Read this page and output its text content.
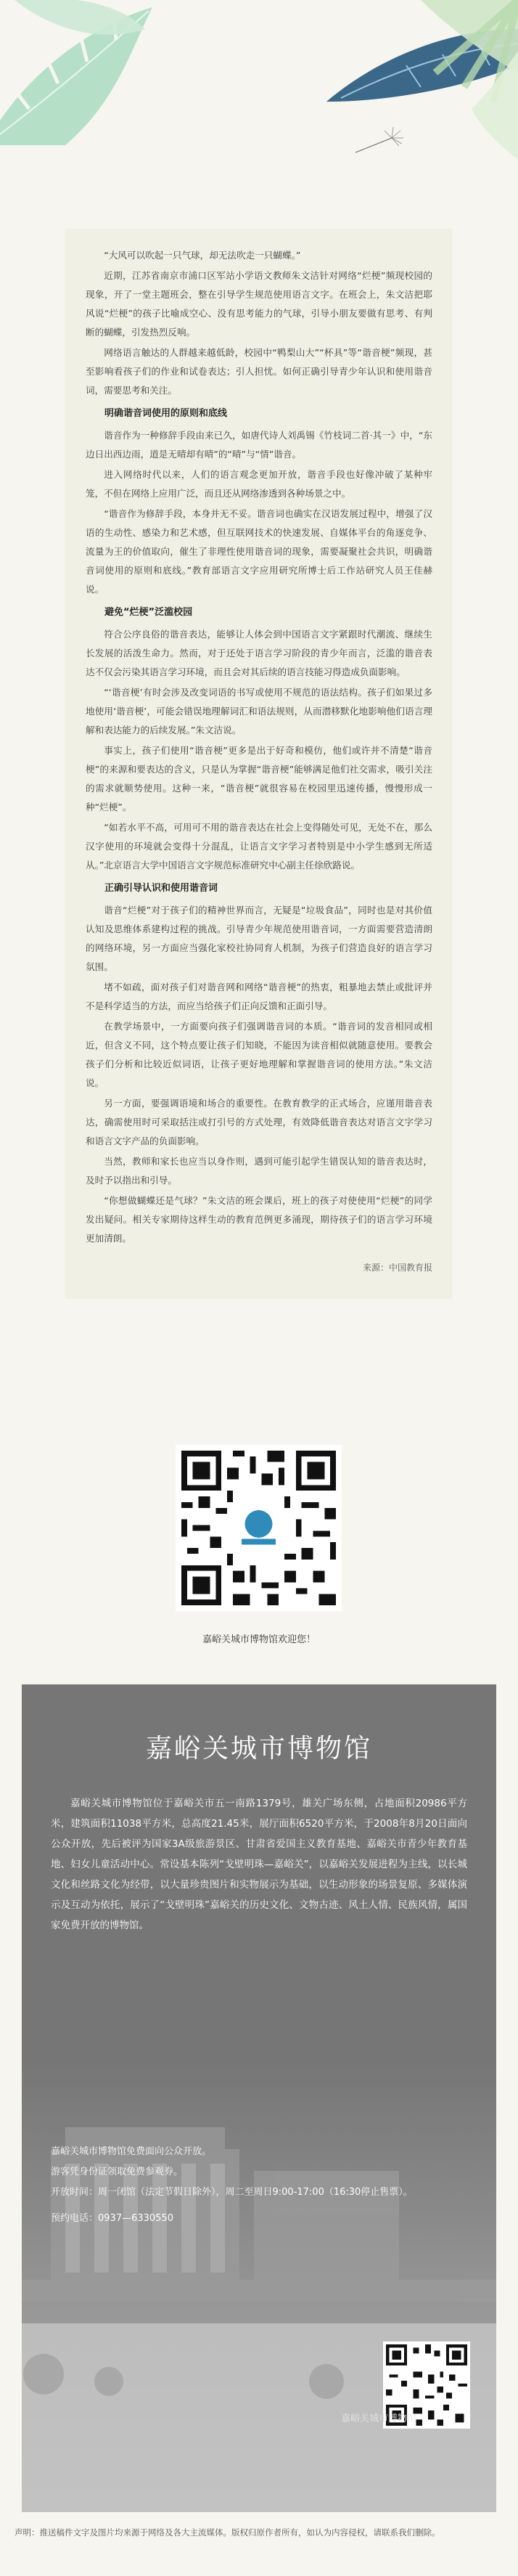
“大风可以吹起一只气球，却无法吹走一只蝴蝶。”

近期，江苏省南京市浦口区军站小学语文教师朱文洁针对网络“烂梗”频现校园的现象，开了一堂主题班会，整在引导学生规范使用语言文字。在班会上，朱文洁把耶风说“烂梗”的孩子比喻成空心、没有思考能力的气球，引导小朋友要做有思考、有判断的蝴蝶，引发热烈反响。

网络语言触达的人群越来越低龄，校园中“鸭梨山大”“杯具”等“谐音梗”频现，甚至影响看孩子们的作业和试卷表达；引人担忧。如何正确引导青少年认识和使用谐音词，需要思考和关注。

明确谐音词使用的原则和底线

谐音作为一种修辞手段由来已久，如唐代诗人刘禹锡《竹枝词二首·其一》中，“东边日出西边雨，道是无晴却有晴”的“晴”与“情”谐音。

进入网络时代以来，人们的语言观念更加开放，谐音手段也好像冲破了某种牢笼，不但在网络上应用广泛，而且还从网络渗透到各种场景之中。

“谐音作为修辞手段，本身并无不妥。谐音词也确实在汉语发展过程中，增强了汉语的生动性、感染力和艺术感，但互联网技术的快速发展、自媒体平台的角逐竞争、流量为王的价值取向，催生了非理性使用谐音词的现象，需要凝聚社会共识，明确谐音词使用的原则和底线。”教育部语言文字应用研究所博士后工作站研究人员王佳赫说。

避免“烂梗”泛滥校园

符合公序良俗的谐音表达，能够让人体会到中国语言文字紧跟时代潮流、继续生长发展的活泼生命力。然而，对于还处于语言学习阶段的青少年而言，泛滥的谐音表达不仅会污染其语言学习环境，而且会对其后续的语言技能习得造成负面影响。

“‘谐音梗’有时会涉及改变词语的书写或使用不规范的语法结构。孩子们如果过多地使用‘谐音梗’，可能会错误地理解词汇和语法规则，从而潜移默化地影响他们语言理解和表达能力的后续发展。”朱文洁说。

事实上，孩子们使用“谐音梗”更多是出于好奇和模仿，他们或许并不清楚“谐音梗”的来源和要表达的含义，只是认为掌握“谐音梗”能够满足他们社交需求，吸引关注的需求就顺势使用。这种一来，“谐音梗”就很容易在校园里迅速传播，慢慢形成一种“烂梗”。

“如若水平不高，可用可不用的谐音表达在社会上变得随处可见，无处不在，那么汉字使用的环境就会变得十分混乱，让语言文字学习者特别是中小学生感到无所适从。”北京语言大学中国语言文字规范标准研究中心副主任徐欣路说。

正确引导认识和使用谐音词

谐音“烂梗”对于孩子们的精神世界而言，无疑是“垃圾食品”，同时也是对其价值认知及思维体系建构过程的挑战。引导青少年规范使用谐音词，一方面需要营造清朗的网络环境，另一方面应当强化家校社协同育人机制，为孩子们营造良好的语言学习氛围。

堵不如疏，面对孩子们对谐音网和网络“谐音梗”的热衷，粗暴地去禁止或批评并不是科学适当的方法，而应当给孩子们正向反馈和正面引导。

在教学场景中，一方面要向孩子们强调谐音词的本质。“谐音词的发音相同或相近，但含义不同，这个特点要让孩子们知晓，不能因为读音相似就随意使用。要教会孩子们分析和比较近似词语，让孩子更好地理解和掌握谐音词的使用方法。”朱文洁说。

另一方面，要强调语境和场合的重要性。在教育教学的正式场合，应谨用谐音表达，确需使用时可采取括注或打引号的方式处理，有效降低谐音表达对语言文字学习和语言文字产品的负面影响。

当然，教师和家长也应当以身作则，遇到可能引起学生错误认知的谐音表达时，及时予以指出和引导。

“你想做蝴蝶还是气球？”朱文洁的班会课后，班上的孩子对使使用“烂梗”的同学发出疑问。相关专家期待这样生动的教育范例更多涌现，期待孩子们的语言学习环境更加清朗。

来源：中国教育报

嘉峪关城市博物馆欢迎您！
嘉峪关城市博物馆
嘉峪关城市博物馆位于嘉峪关市五一南路1379号，雄关广场东侧，占地面积20986平方米，建筑面积11038平方米，总高度21.45米，展厅面积6520平方米，于2008年8月20日面向公众开放，先后被评为国家3A级旅游景区、甘肃省爱国主义教育基地、嘉峪关市青少年教育基地、妇女儿童活动中心。常设基本陈列“戈壁明珠—嘉峪关”，以嘉峪关发展进程为主线，以长城文化和丝路文化为经带，以大量珍贵图片和实物展示为基础，以生动形象的场景复原、多媒体演示及互动为依托，展示了“戈壁明珠”嘉峪关的历史文化、文物古迹、风土人情、民族风情，属国家免费开放的博物馆。
嘉峪关城市博物馆免费面向公众开放。
游客凭身份证领取免费参观券。
开放时间：周一闭馆（法定节假日除外），周二至周日9:00-17:00（16:30停止售票）。
预约电话：0937—6330550
嘉峪关城市博物馆
声明：推送稿件文字及图片均来源于网络及各大主流媒体。版权归原作者所有，如认为内容侵权，请联系我们删除。
